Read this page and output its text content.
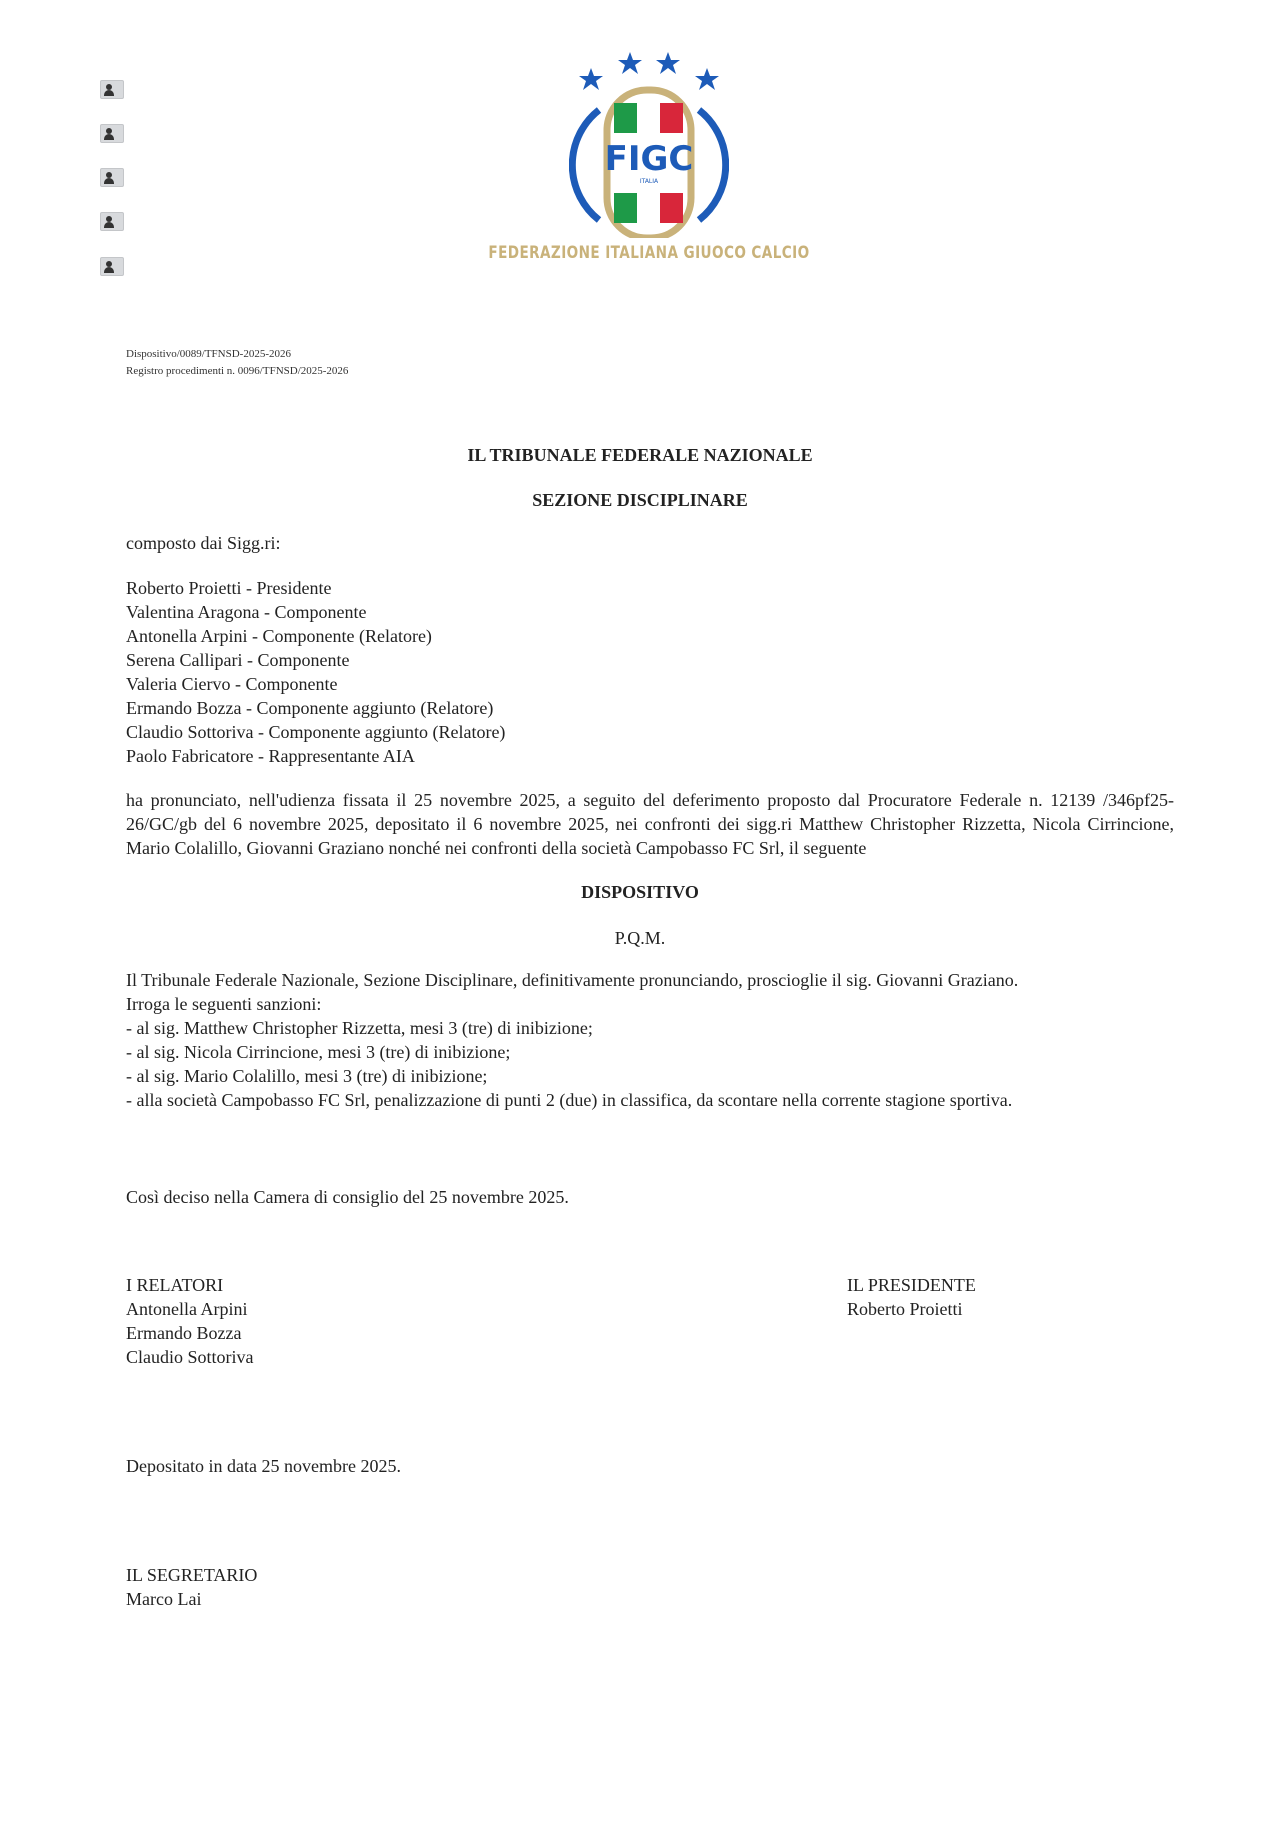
FIGC
ITALIA
FEDERAZIONE ITALIANA GIUOCO CALCIO
Dispositivo/0089/TFNSD-2025-2026
Registro procedimenti n. 0096/TFNSD/2025-2026
IL TRIBUNALE FEDERALE NAZIONALE
SEZIONE DISCIPLINARE
composto dai Sigg.ri:
Roberto Proietti - Presidente
Valentina Aragona - Componente
Antonella Arpini - Componente (Relatore)
Serena Callipari - Componente
Valeria Ciervo - Componente
Ermando Bozza - Componente aggiunto (Relatore)
Claudio Sottoriva - Componente aggiunto (Relatore)
Paolo Fabricatore - Rappresentante AIA
ha pronunciato, nell'udienza fissata il 25 novembre 2025, a seguito del deferimento proposto dal Procuratore Federale n. 12139 /346pf25-26/GC/gb del 6 novembre 2025, depositato il 6 novembre 2025, nei confronti dei sigg.ri Matthew Christopher Rizzetta, Nicola Cirrincione, Mario Colalillo, Giovanni Graziano nonché nei confronti della società Campobasso FC Srl, il seguente
DISPOSITIVO
P.Q.M.
Il Tribunale Federale Nazionale, Sezione Disciplinare, definitivamente pronunciando, proscioglie il sig. Giovanni Graziano.
Irroga le seguenti sanzioni:
- al sig. Matthew Christopher Rizzetta, mesi 3 (tre) di inibizione;
- al sig. Nicola Cirrincione, mesi 3 (tre) di inibizione;
- al sig. Mario Colalillo, mesi 3 (tre) di inibizione;
- alla società Campobasso FC Srl, penalizzazione di punti 2 (due) in classifica, da scontare nella corrente stagione sportiva.
Così deciso nella Camera di consiglio del 25 novembre 2025.
I RELATORI
Antonella Arpini
Ermando Bozza
Claudio Sottoriva
IL PRESIDENTE
Roberto Proietti
Depositato in data 25 novembre 2025.
IL SEGRETARIO
Marco Lai
